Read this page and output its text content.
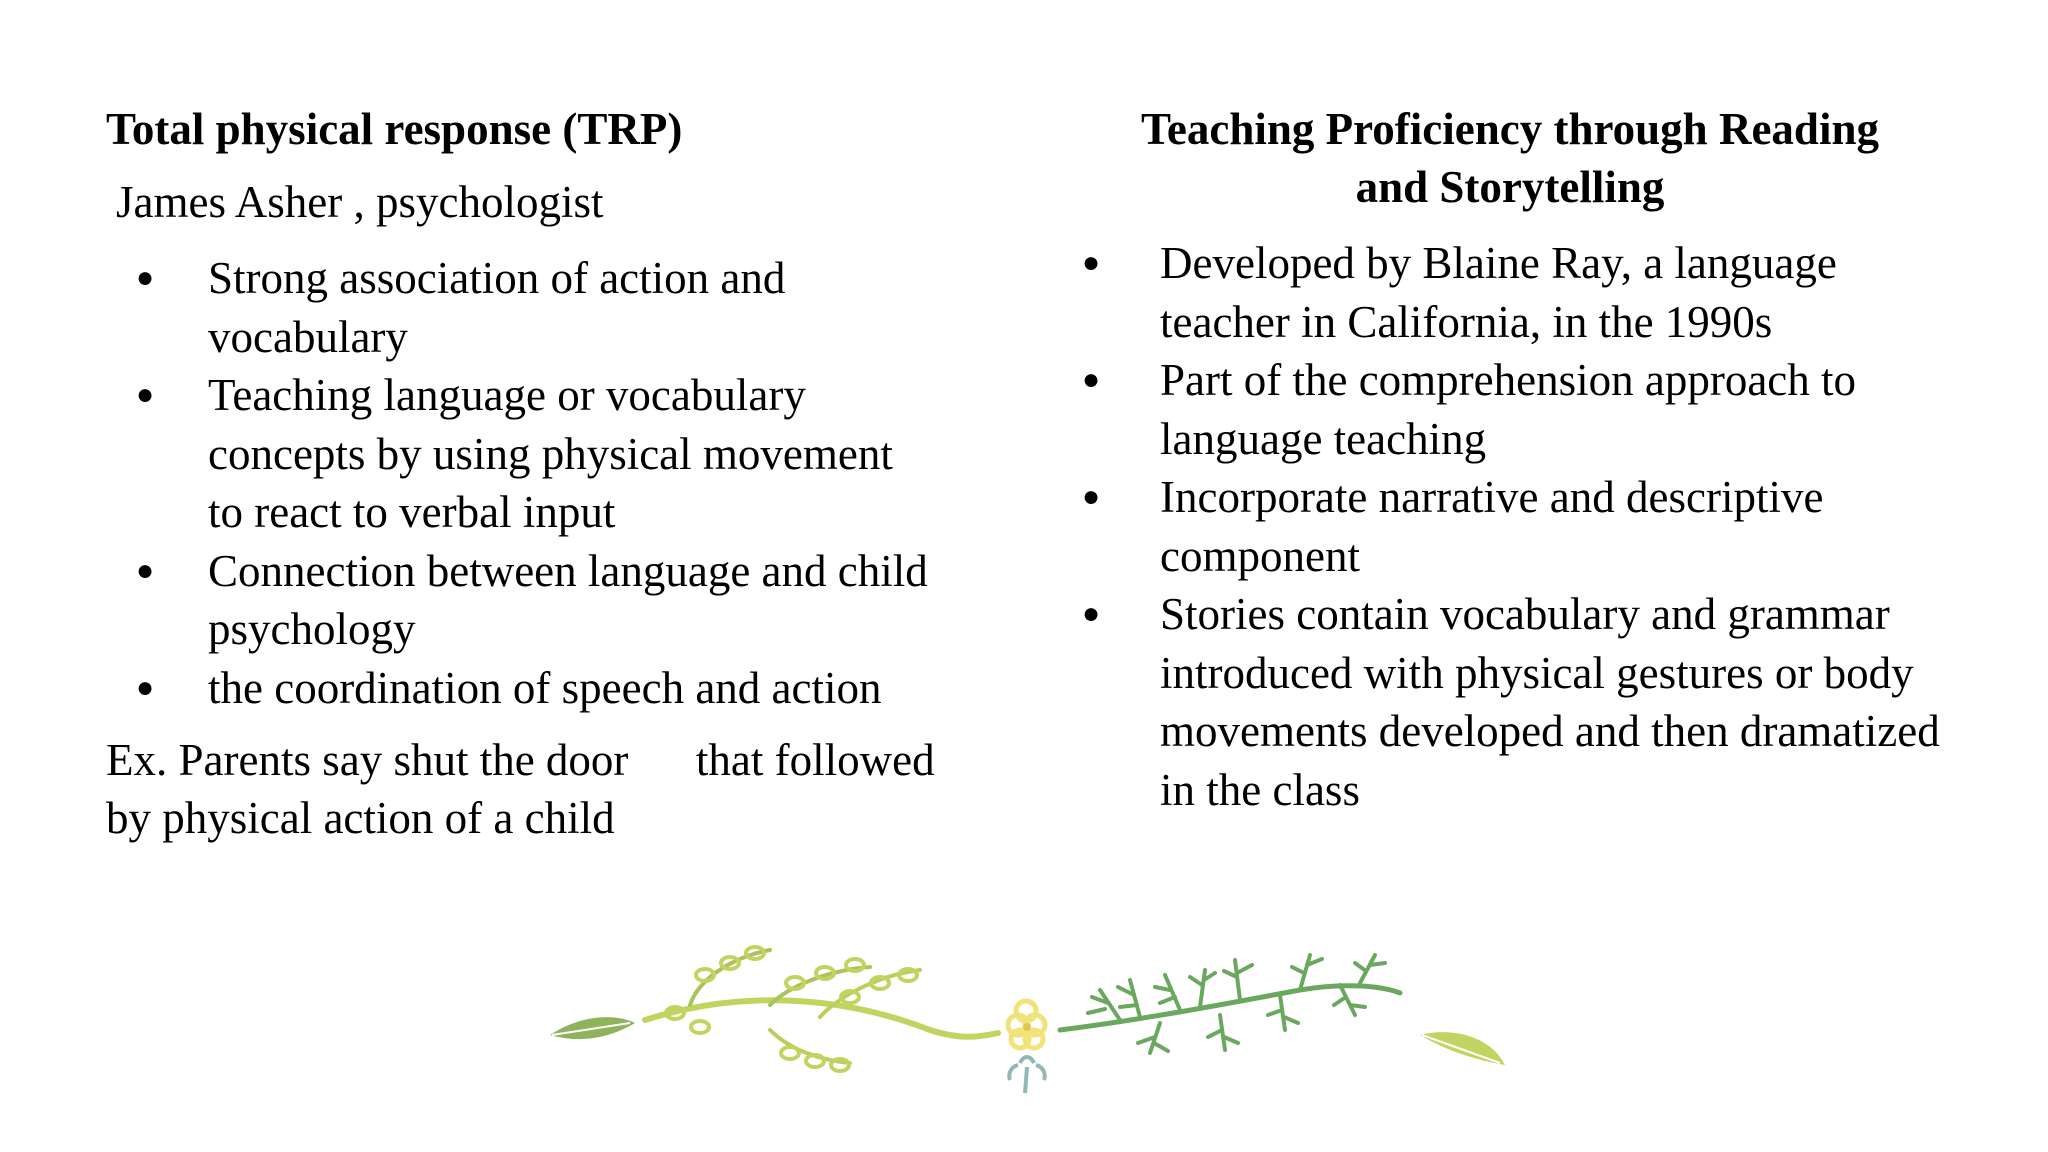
Total physical response (TRP)
James Asher , psychologist
● Strong association of action and vocabulary
● Teaching language or vocabulary concepts by using physical movement to react to verbal input
● Connection between language and child psychology
● the coordination of speech and action
Ex. Parents say shut the door      that followed by physical action of a child
Teaching Proficiency through Reading
and Storytelling
● Developed by Blaine Ray, a language teacher in California, in the 1990s
● Part of the comprehension approach to language teaching
● Incorporate narrative and descriptive component
● Stories contain vocabulary and grammar introduced with physical gestures or body movements developed and then dramatized in the class
